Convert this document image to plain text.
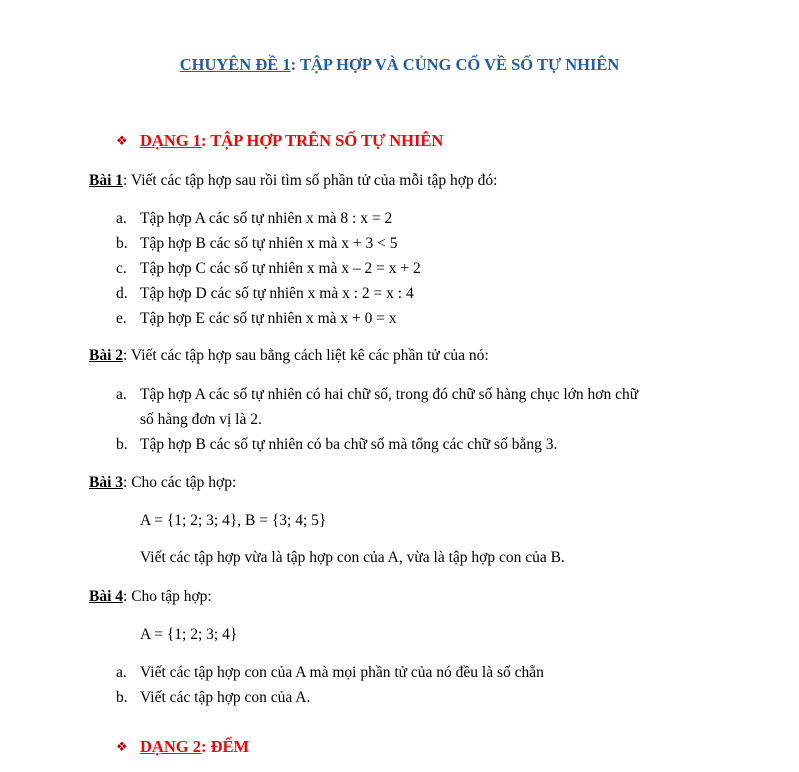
CHUYÊN ĐỀ 1: TẬP HỢP VÀ CỦNG CỐ VỀ SỐ TỰ NHIÊN
❖ DẠNG 1: TẬP HỢP TRÊN SỐ TỰ NHIÊN
Bài 1: Viết các tập hợp sau rồi tìm số phần tử của mỗi tập hợp đó:
a. Tập hợp A các số tự nhiên x mà 8 : x = 2
b. Tập hợp B các số tự nhiên x mà x + 3 < 5
c. Tập hợp C các số tự nhiên x mà x – 2 = x + 2
d. Tập hợp D các số tự nhiên x mà x : 2 = x : 4
e. Tập hợp E các số tự nhiên x mà x + 0 = x
Bài 2: Viết các tập hợp sau bằng cách liệt kê các phần tử của nó:
a. Tập hợp A các số tự nhiên có hai chữ số, trong đó chữ số hàng chục lớn hơn chữ
số hàng đơn vị là 2.
b. Tập hợp B các số tự nhiên có ba chữ số mà tổng các chữ số bằng 3.
Bài 3: Cho các tập hợp:
A = {1; 2; 3; 4}, B = {3; 4; 5}
Viết các tập hợp vừa là tập hợp con của A, vừa là tập hợp con của B.
Bài 4: Cho tập hợp:
A = {1; 2; 3; 4}
a. Viết các tập hợp con của A mà mọi phần tử của nó đều là số chẵn
b. Viết các tập hợp con của A.
❖ DẠNG 2: ĐẾM
